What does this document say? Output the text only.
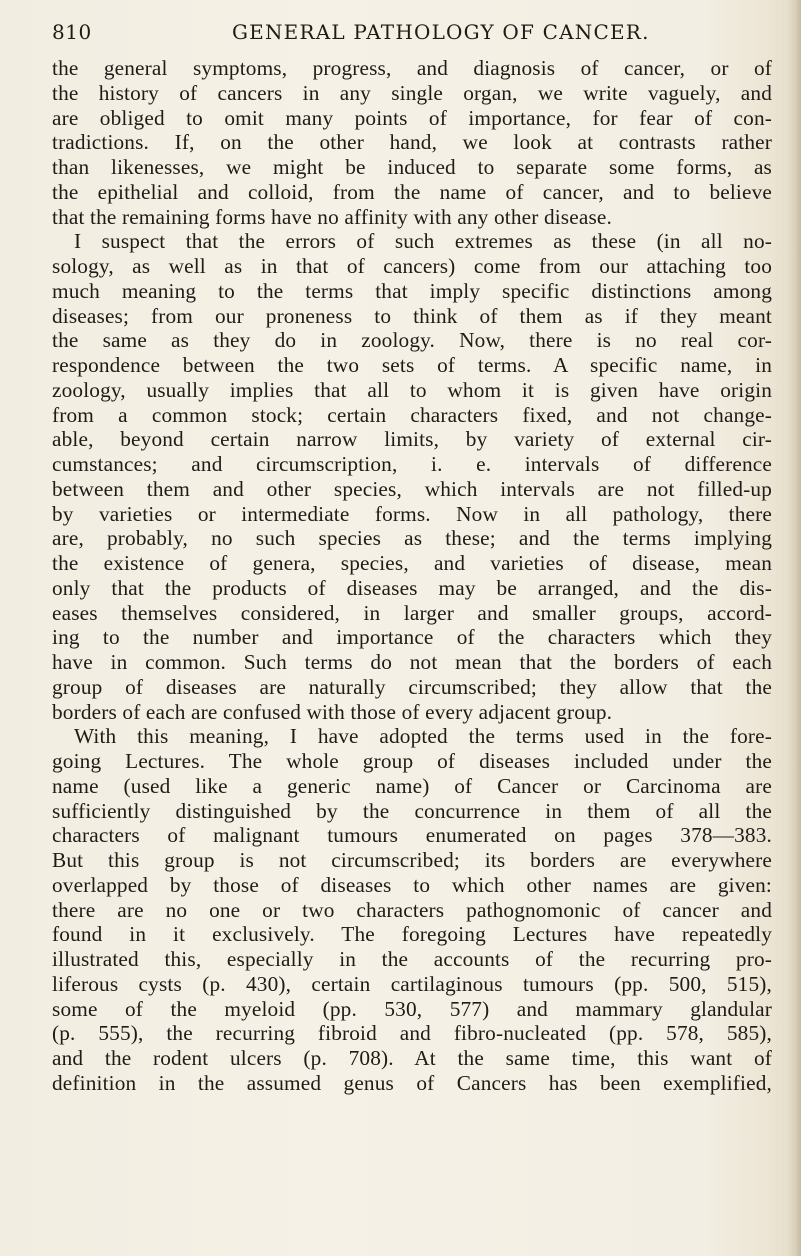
810	GENERAL PATHOLOGY OF CANCER.
the general symptoms, progress, and diagnosis of cancer, or of
the history of cancers in any single organ, we write vaguely, and
are obliged to omit many points of importance, for fear of con-
tradictions. If, on the other hand, we look at contrasts rather
than likenesses, we might be induced to separate some forms, as
the epithelial and colloid, from the name of cancer, and to believe
that the remaining forms have no affinity with any other disease.
I suspect that the errors of such extremes as these (in all no-
sology, as well as in that of cancers) come from our attaching too
much meaning to the terms that imply specific distinctions among
diseases; from our proneness to think of them as if they meant
the same as they do in zoology. Now, there is no real cor-
respondence between the two sets of terms. A specific name, in
zoology, usually implies that all to whom it is given have origin
from a common stock; certain characters fixed, and not change-
able, beyond certain narrow limits, by variety of external cir-
cumstances; and circumscription, i. e. intervals of difference
between them and other species, which intervals are not filled-up
by varieties or intermediate forms. Now in all pathology, there
are, probably, no such species as these; and the terms implying
the existence of genera, species, and varieties of disease, mean
only that the products of diseases may be arranged, and the dis-
eases themselves considered, in larger and smaller groups, accord-
ing to the number and importance of the characters which they
have in common. Such terms do not mean that the borders of each
group of diseases are naturally circumscribed; they allow that the
borders of each are confused with those of every adjacent group.
With this meaning, I have adopted the terms used in the fore-
going Lectures. The whole group of diseases included under the
name (used like a generic name) of Cancer or Carcinoma are
sufficiently distinguished by the concurrence in them of all the
characters of malignant tumours enumerated on pages 378—383.
But this group is not circumscribed; its borders are everywhere
overlapped by those of diseases to which other names are given:
there are no one or two characters pathognomonic of cancer and
found in it exclusively. The foregoing Lectures have repeatedly
illustrated this, especially in the accounts of the recurring pro-
liferous cysts (p. 430), certain cartilaginous tumours (pp. 500, 515),
some of the myeloid (pp. 530, 577) and mammary glandular
(p. 555), the recurring fibroid and fibro-nucleated (pp. 578, 585),
and the rodent ulcers (p. 708). At the same time, this want of
definition in the assumed genus of Cancers has been exemplified,
